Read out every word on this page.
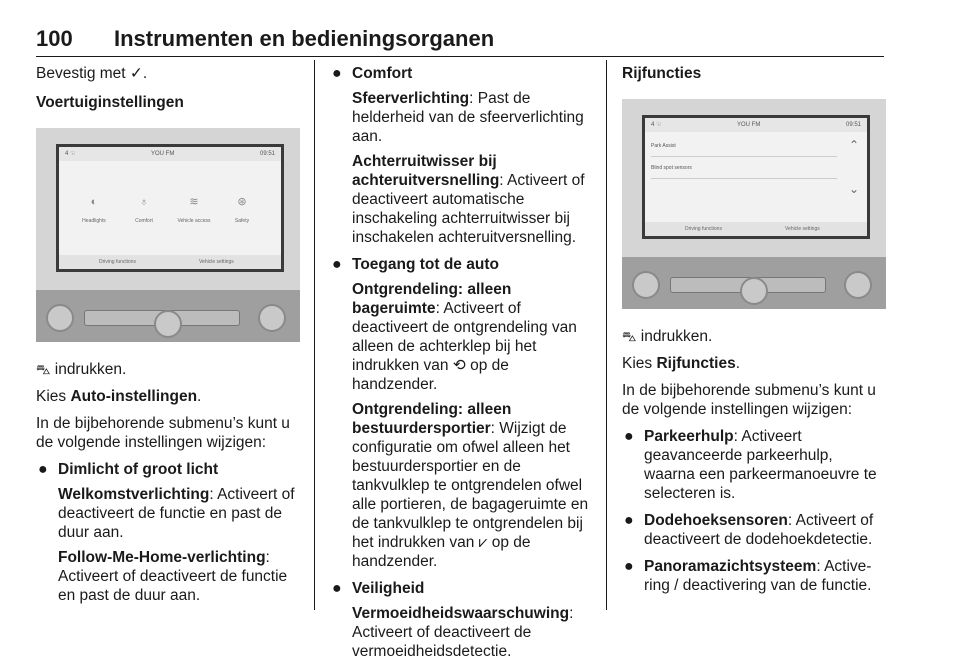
100 Instrumenten en bedieningsorganen

Bevestig met ✓.

Voertuiginstellingen

4 ☜	YOU FM	09:51
◐
Headlights
♁
Comfort
≋
Vehicle access
⊛
Safety
Driving functions	Vehicle settings

⛍ indrukken.

Kies Auto-instellingen.

In de bijbehorende submenu’s kunt u de volgende instellingen wijzigen:

● Dimlicht of groot licht
Welkomstverlichting: Activeert of deactiveert de functie en past de duur aan.
Follow-Me-Home-verlichting: Activeert of deactiveert de functie en past de duur aan.
● Comfort
Sfeerverlichting: Past de helderheid van de sfeerverlichting aan.
Achterruitwisser bij achteruitversnelling: Activeert of deactiveert automatische inschakeling achterruitwisser bij inschakelen achteruitversnelling.
● Toegang tot de auto
Ontgrendeling: alleen bageruimte: Activeert of deactiveert de ontgrendeling van alleen de achterklep bij het indrukken van ⟲ op de handzender.
Ontgrendeling: alleen bestuurdersportier: Wijzigt de configuratie om ofwel alleen het bestuurdersportier en de tankvulklep te ontgrendelen ofwel alle portieren, de bagageruimte en de tankvulklep te ontgrendelen bij het indrukken van ⩗ op de handzender.
● Veiligheid
Vermoeidheidswaarschuwing: Activeert of deactiveert de vermoeidheidsdetectie.

Rijfuncties

4 ☜	YOU FM	09:51
Park Assist
Blind spot sensors
⌃
⌄
Driving functions	Vehicle settings

⛍ indrukken.

Kies Rijfuncties.

In de bijbehorende submenu’s kunt u de volgende instellingen wijzigen:

● Parkeerhulp: Activeert geavanceerde parkeerhulp, waarna een parkeermanoeuvre te selecteren is.
● Dodehoeksensoren: Activeert of deactiveert de dodehoekdetectie.
● Panoramazichtsysteem: Active-ring / deactivering van de functie.
